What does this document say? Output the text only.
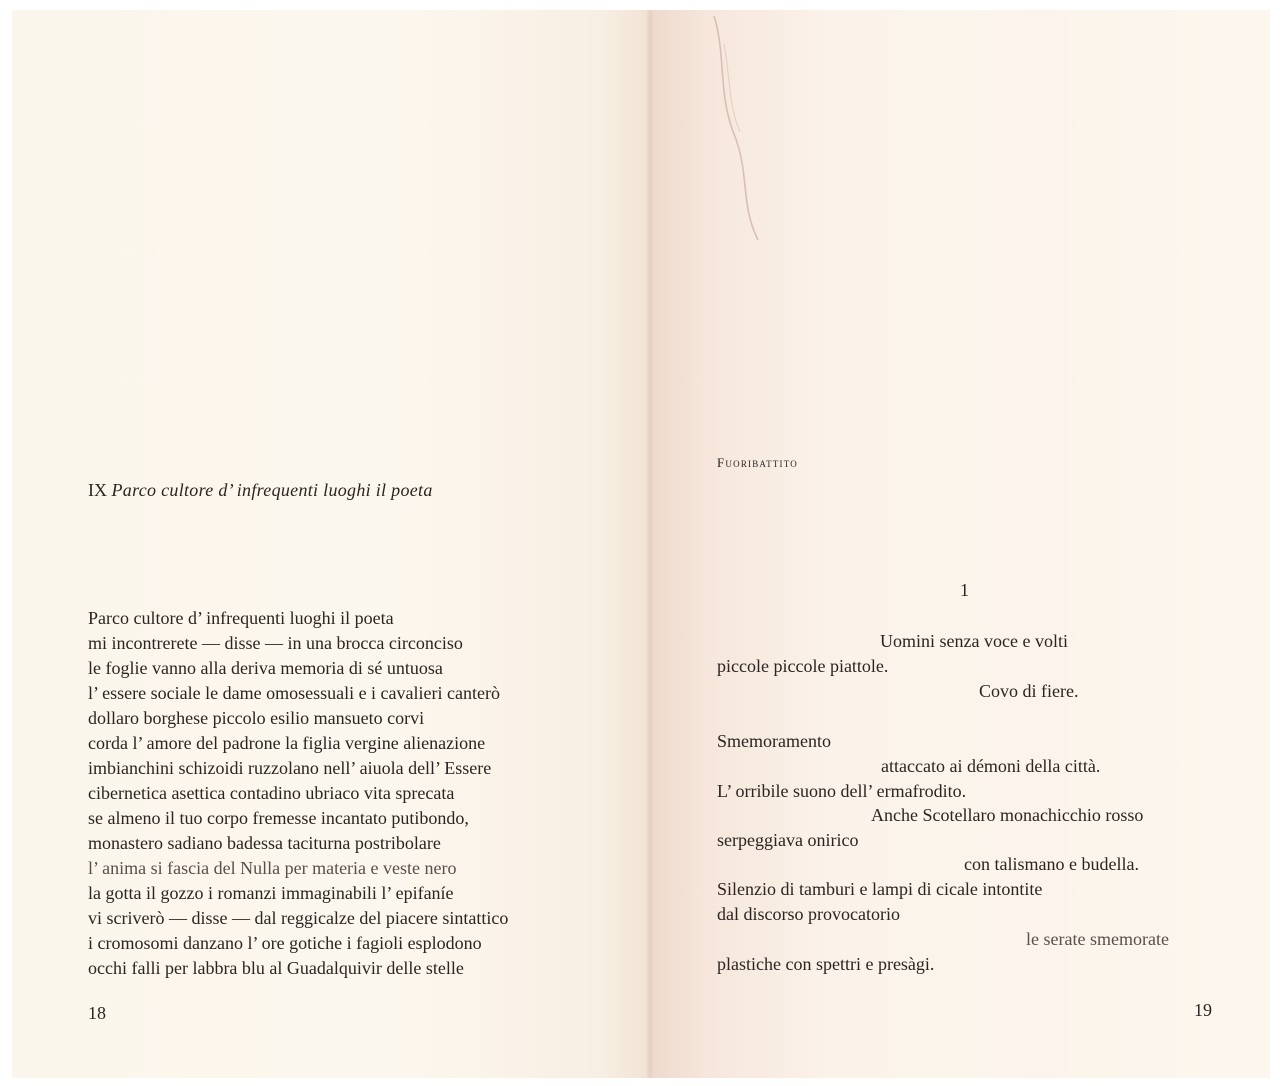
IX Parco cultore d’ infrequenti luoghi il poeta
Parco cultore d’ infrequenti luoghi il poeta
mi incontrerete — disse — in una brocca circonciso
le foglie vanno alla deriva memoria di sé untuosa
l’ essere sociale le dame omosessuali e i cavalieri canterò
dollaro borghese piccolo esilio mansueto corvi
corda l’ amore del padrone la figlia vergine alienazione
imbianchini schizoidi ruzzolano nell’ aiuola dell’ Essere
cibernetica asettica contadino ubriaco vita sprecata
se almeno il tuo corpo fremesse incantato putibondo,
monastero sadiano badessa taciturna postribolare
l’ anima si fascia del Nulla per materia e veste nero
la gotta il gozzo i romanzi immaginabili l’ epifaníe
vi scriverò — disse — dal reggicalze del piacere sintattico
i cromosomi danzano l’ ore gotiche i fagioli esplodono
occhi falli per labbra blu al Guadalquivir delle stelle
18
Fuoribattito
1
Uomini senza voce e volti
piccole piccole piattole.
Covo di fiere.
Smemoramento
attaccato ai démoni della città.
L’ orribile suono dell’ ermafrodito.
Anche Scotellaro monachicchio rosso
serpeggiava onirico
con talismano e budella.
Silenzio di tamburi e lampi di cicale intontite
dal discorso provocatorio
le serate smemorate
plastiche con spettri e presàgi.
19
